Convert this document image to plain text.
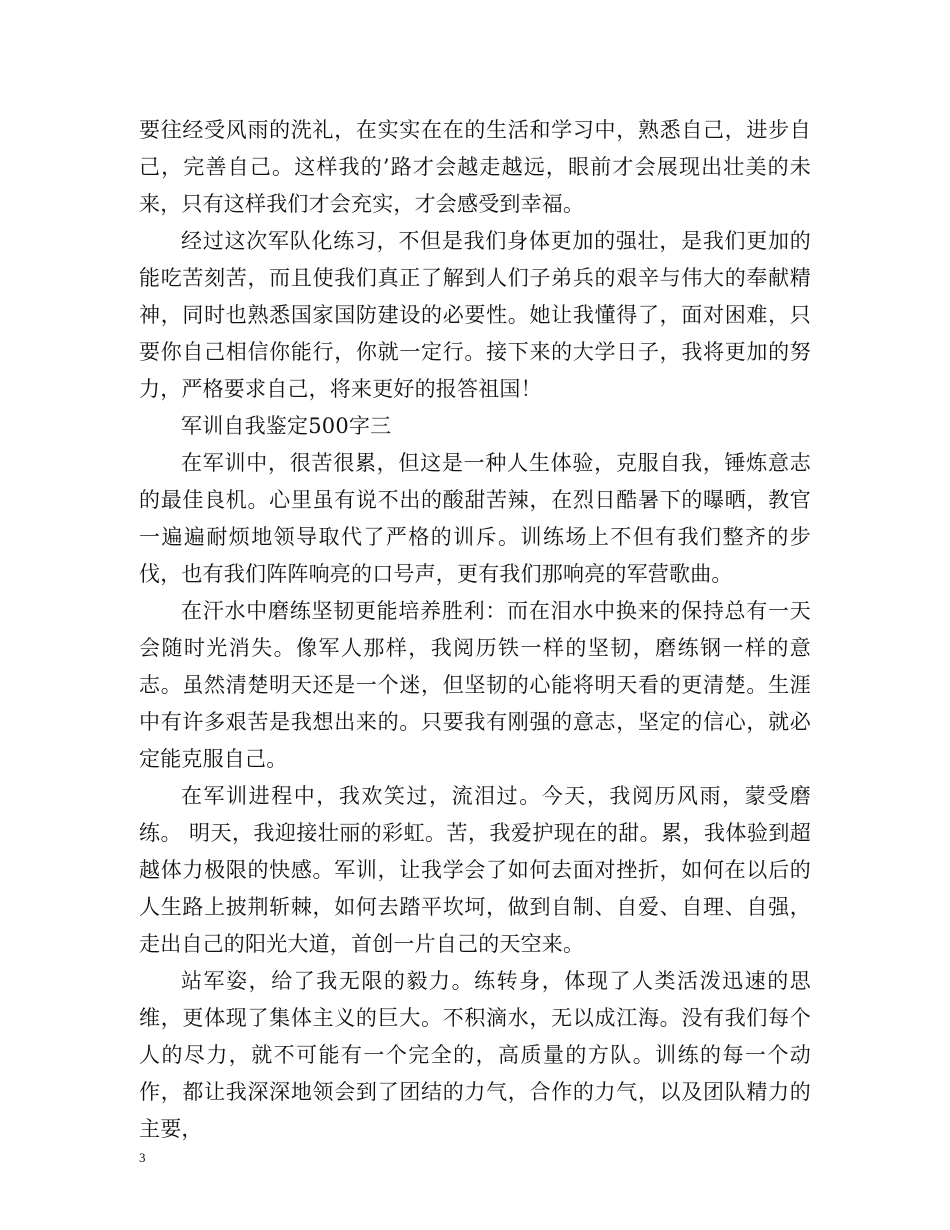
要往经受风雨的洗礼，在实实在在的生活和学习中，熟悉自己，进步自己，完善自己。这样我的’路才会越走越远，眼前才会展现出壮美的未来，只有这样我们才会充实，才会感受到幸福。

经过这次军队化练习，不但是我们身体更加的强壮，是我们更加的能吃苦刻苦，而且使我们真正了解到人们子弟兵的艰辛与伟大的奉献精神，同时也熟悉国家国防建设的必要性。她让我懂得了，面对困难，只要你自己相信你能行，你就一定行。接下来的大学日子，我将更加的努力，严格要求自己，将来更好的报答祖国！

军训自我鉴定500字三

在军训中，很苦很累，但这是一种人生体验，克服自我，锤炼意志的最佳良机。心里虽有说不出的酸甜苦辣，在烈日酷暑下的曝晒，教官一遍遍耐烦地领导取代了严格的训斥。训练场上不但有我们整齐的步伐，也有我们阵阵响亮的口号声，更有我们那响亮的军营歌曲。

在汗水中磨练坚韧更能培养胜利：而在泪水中换来的保持总有一天会随时光消失。像军人那样，我阅历铁一样的坚韧，磨练钢一样的意志。虽然清楚明天还是一个迷，但坚韧的心能将明天看的更清楚。生涯中有许多艰苦是我想出来的。只要我有刚强的意志，坚定的信心，就必定能克服自己。

在军训进程中，我欢笑过，流泪过。今天，我阅历风雨，蒙受磨练。 明天，我迎接壮丽的彩虹。苦，我爱护现在的甜。累，我体验到超越体力极限的快感。军训，让我学会了如何去面对挫折，如何在以后的人生路上披荆斩棘，如何去踏平坎坷，做到自制、自爱、自理、自强，走出自己的阳光大道，首创一片自己的天空来。

站军姿，给了我无限的毅力。练转身，体现了人类活泼迅速的思维，更体现了集体主义的巨大。不积滴水，无以成江海。没有我们每个人的尽力，就不可能有一个完全的，高质量的方队。训练的每一个动作，都让我深深地领会到了团结的力气，合作的力气，以及团队精力的主要，

3
